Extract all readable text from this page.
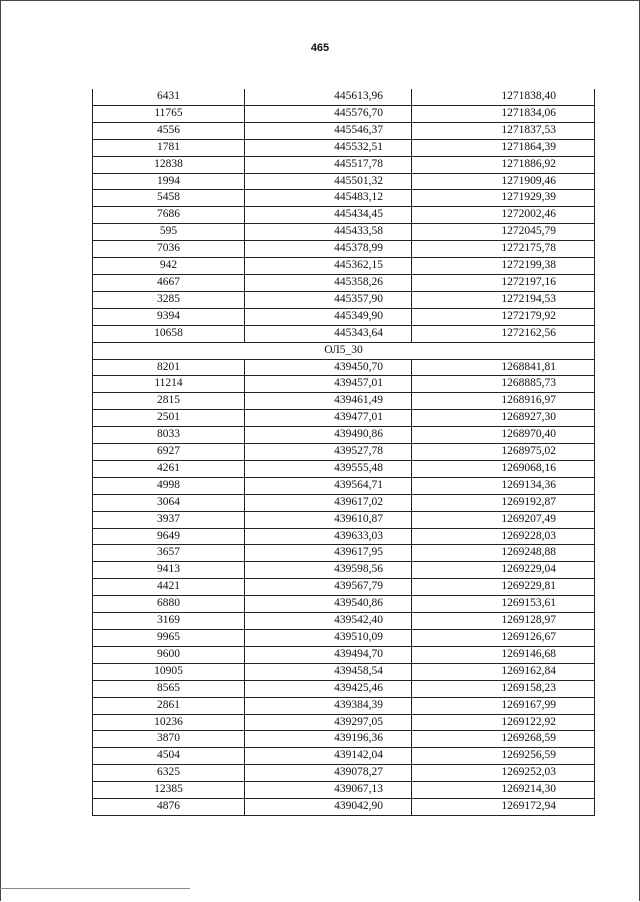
465
6431	445613,96	1271838,40
11765	445576,70	1271834,06
4556	445546,37	1271837,53
1781	445532,51	1271864,39
12838	445517,78	1271886,92
1994	445501,32	1271909,46
5458	445483,12	1271929,39
7686	445434,45	1272002,46
595	445433,58	1272045,79
7036	445378,99	1272175,78
942	445362,15	1272199,38
4667	445358,26	1272197,16
3285	445357,90	1272194,53
9394	445349,90	1272179,92
10658	445343,64	1272162,56
ОЛ5_30		
8201	439450,70	1268841,81
11214	439457,01	1268885,73
2815	439461,49	1268916,97
2501	439477,01	1268927,30
8033	439490,86	1268970,40
6927	439527,78	1268975,02
4261	439555,48	1269068,16
4998	439564,71	1269134,36
3064	439617,02	1269192,87
3937	439610,87	1269207,49
9649	439633,03	1269228,03
3657	439617,95	1269248,88
9413	439598,56	1269229,04
4421	439567,79	1269229,81
6880	439540,86	1269153,61
3169	439542,40	1269128,97
9965	439510,09	1269126,67
9600	439494,70	1269146,68
10905	439458,54	1269162,84
8565	439425,46	1269158,23
2861	439384,39	1269167,99
10236	439297,05	1269122,92
3870	439196,36	1269268,59
4504	439142,04	1269256,59
6325	439078,27	1269252,03
12385	439067,13	1269214,30
4876	439042,90	1269172,94
